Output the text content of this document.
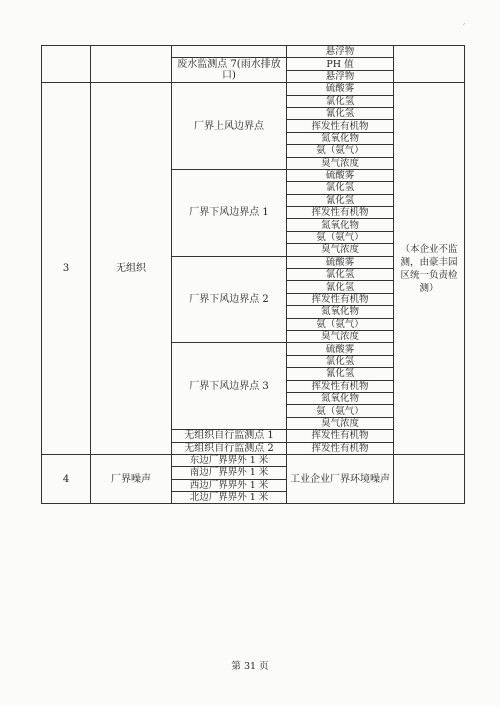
⸝
			悬浮物	
		废水监测点 7(雨水排放口)	PH 值	
			悬浮物	
3	无组织	厂界上风边界点	硫酸雾	（本企业不监测，由豪丰园区统一负责检测）
			氯化氢	
			氰化氢	
			挥发性有机物	
			氮氧化物	
			氨（氨气）	
			臭气浓度	
		厂界下风边界点 1	硫酸雾	
			氯化氢	
			氰化氢	
			挥发性有机物	
			氮氧化物	
			氨（氨气）	
			臭气浓度	
		厂界下风边界点 2	硫酸雾	
			氯化氢	
			氰化氢	
			挥发性有机物	
			氮氧化物	
			氨（氨气）	
			臭气浓度	
		厂界下风边界点 3	硫酸雾	
			氯化氢	
			氰化氢	
			挥发性有机物	
			氮氧化物	
			氨（氨气）	
			臭气浓度	
		无组织自行监测点 1	挥发性有机物	
		无组织自行监测点 2	挥发性有机物	
4	厂界噪声	东边厂界界外 1 米	工业企业厂界环境噪声	
		南边厂界界外 1 米		
		西边厂界界外 1 米		
		北边厂界界外 1 米		
第 31 页
